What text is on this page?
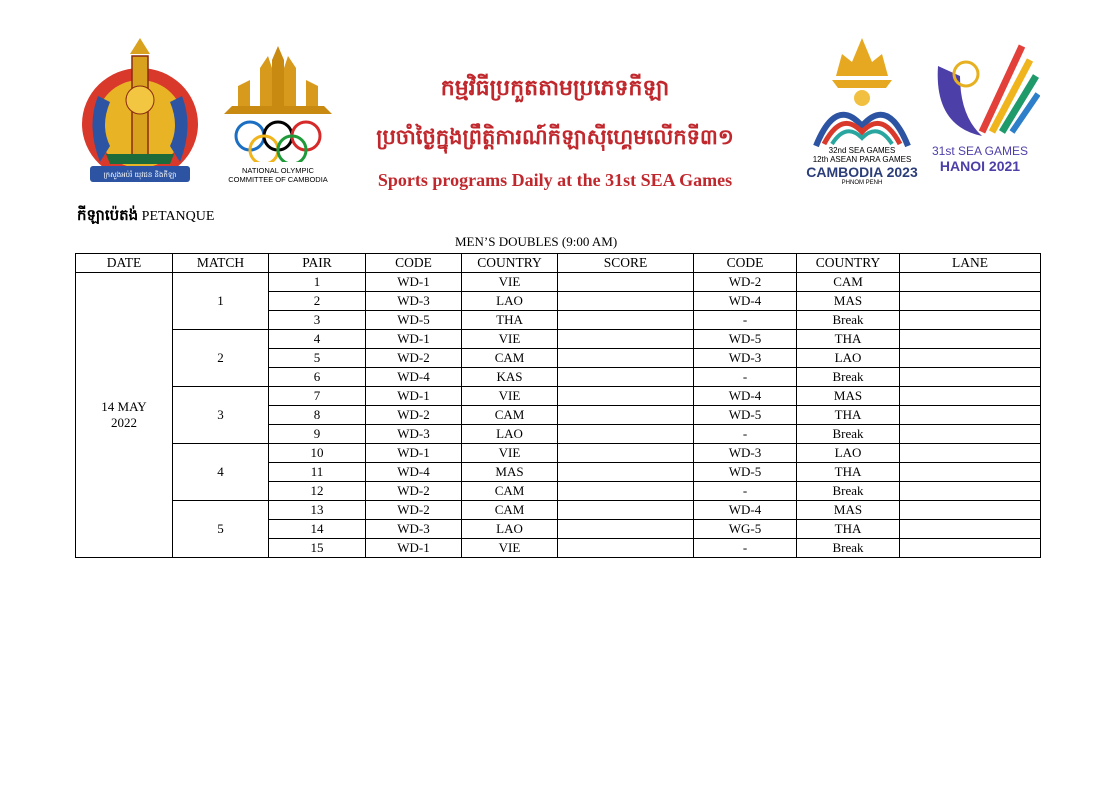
ក្រសួងអប់រំ យុវជន និងកីឡា	NATIONAL OLYMPIC
COMMITTEE OF CAMBODIA
កម្មវិធីប្រកួតតាមប្រភេទកីឡា
ប្រចាំថ្ងៃក្នុងព្រឹត្តិការណ៍កីឡាស៊ីហ្គេមលើកទី៣១
Sports programs Daily at the 31st SEA Games
32nd SEA GAMES
12th ASEAN PARA GAMES
CAMBODIA 2023
PHNOM PENH
31st SEA GAMES
HANOI 2021
កីឡាប៉េតង់ PETANQUE
MEN’S DOUBLES (9:00 AM)
DATE	MATCH	PAIR	CODE	COUNTRY	SCORE	CODE	COUNTRY	LANE

14 MAY
2022	1	1	WD-1	VIE		WD-2	CAM	
		2	WD-3	LAO		WD-4	MAS	
		3	WD-5	THA		-	Break	
	2	4	WD-1	VIE		WD-5	THA	
		5	WD-2	CAM		WD-3	LAO	
		6	WD-4	KAS		-	Break	
	3	7	WD-1	VIE		WD-4	MAS	
		8	WD-2	CAM		WD-5	THA	
		9	WD-3	LAO		-	Break	
	4	10	WD-1	VIE		WD-3	LAO	
		11	WD-4	MAS		WD-5	THA	
		12	WD-2	CAM		-	Break	
	5	13	WD-2	CAM		WD-4	MAS	
		14	WD-3	LAO		WG-5	THA	
		15	WD-1	VIE		-	Break	
